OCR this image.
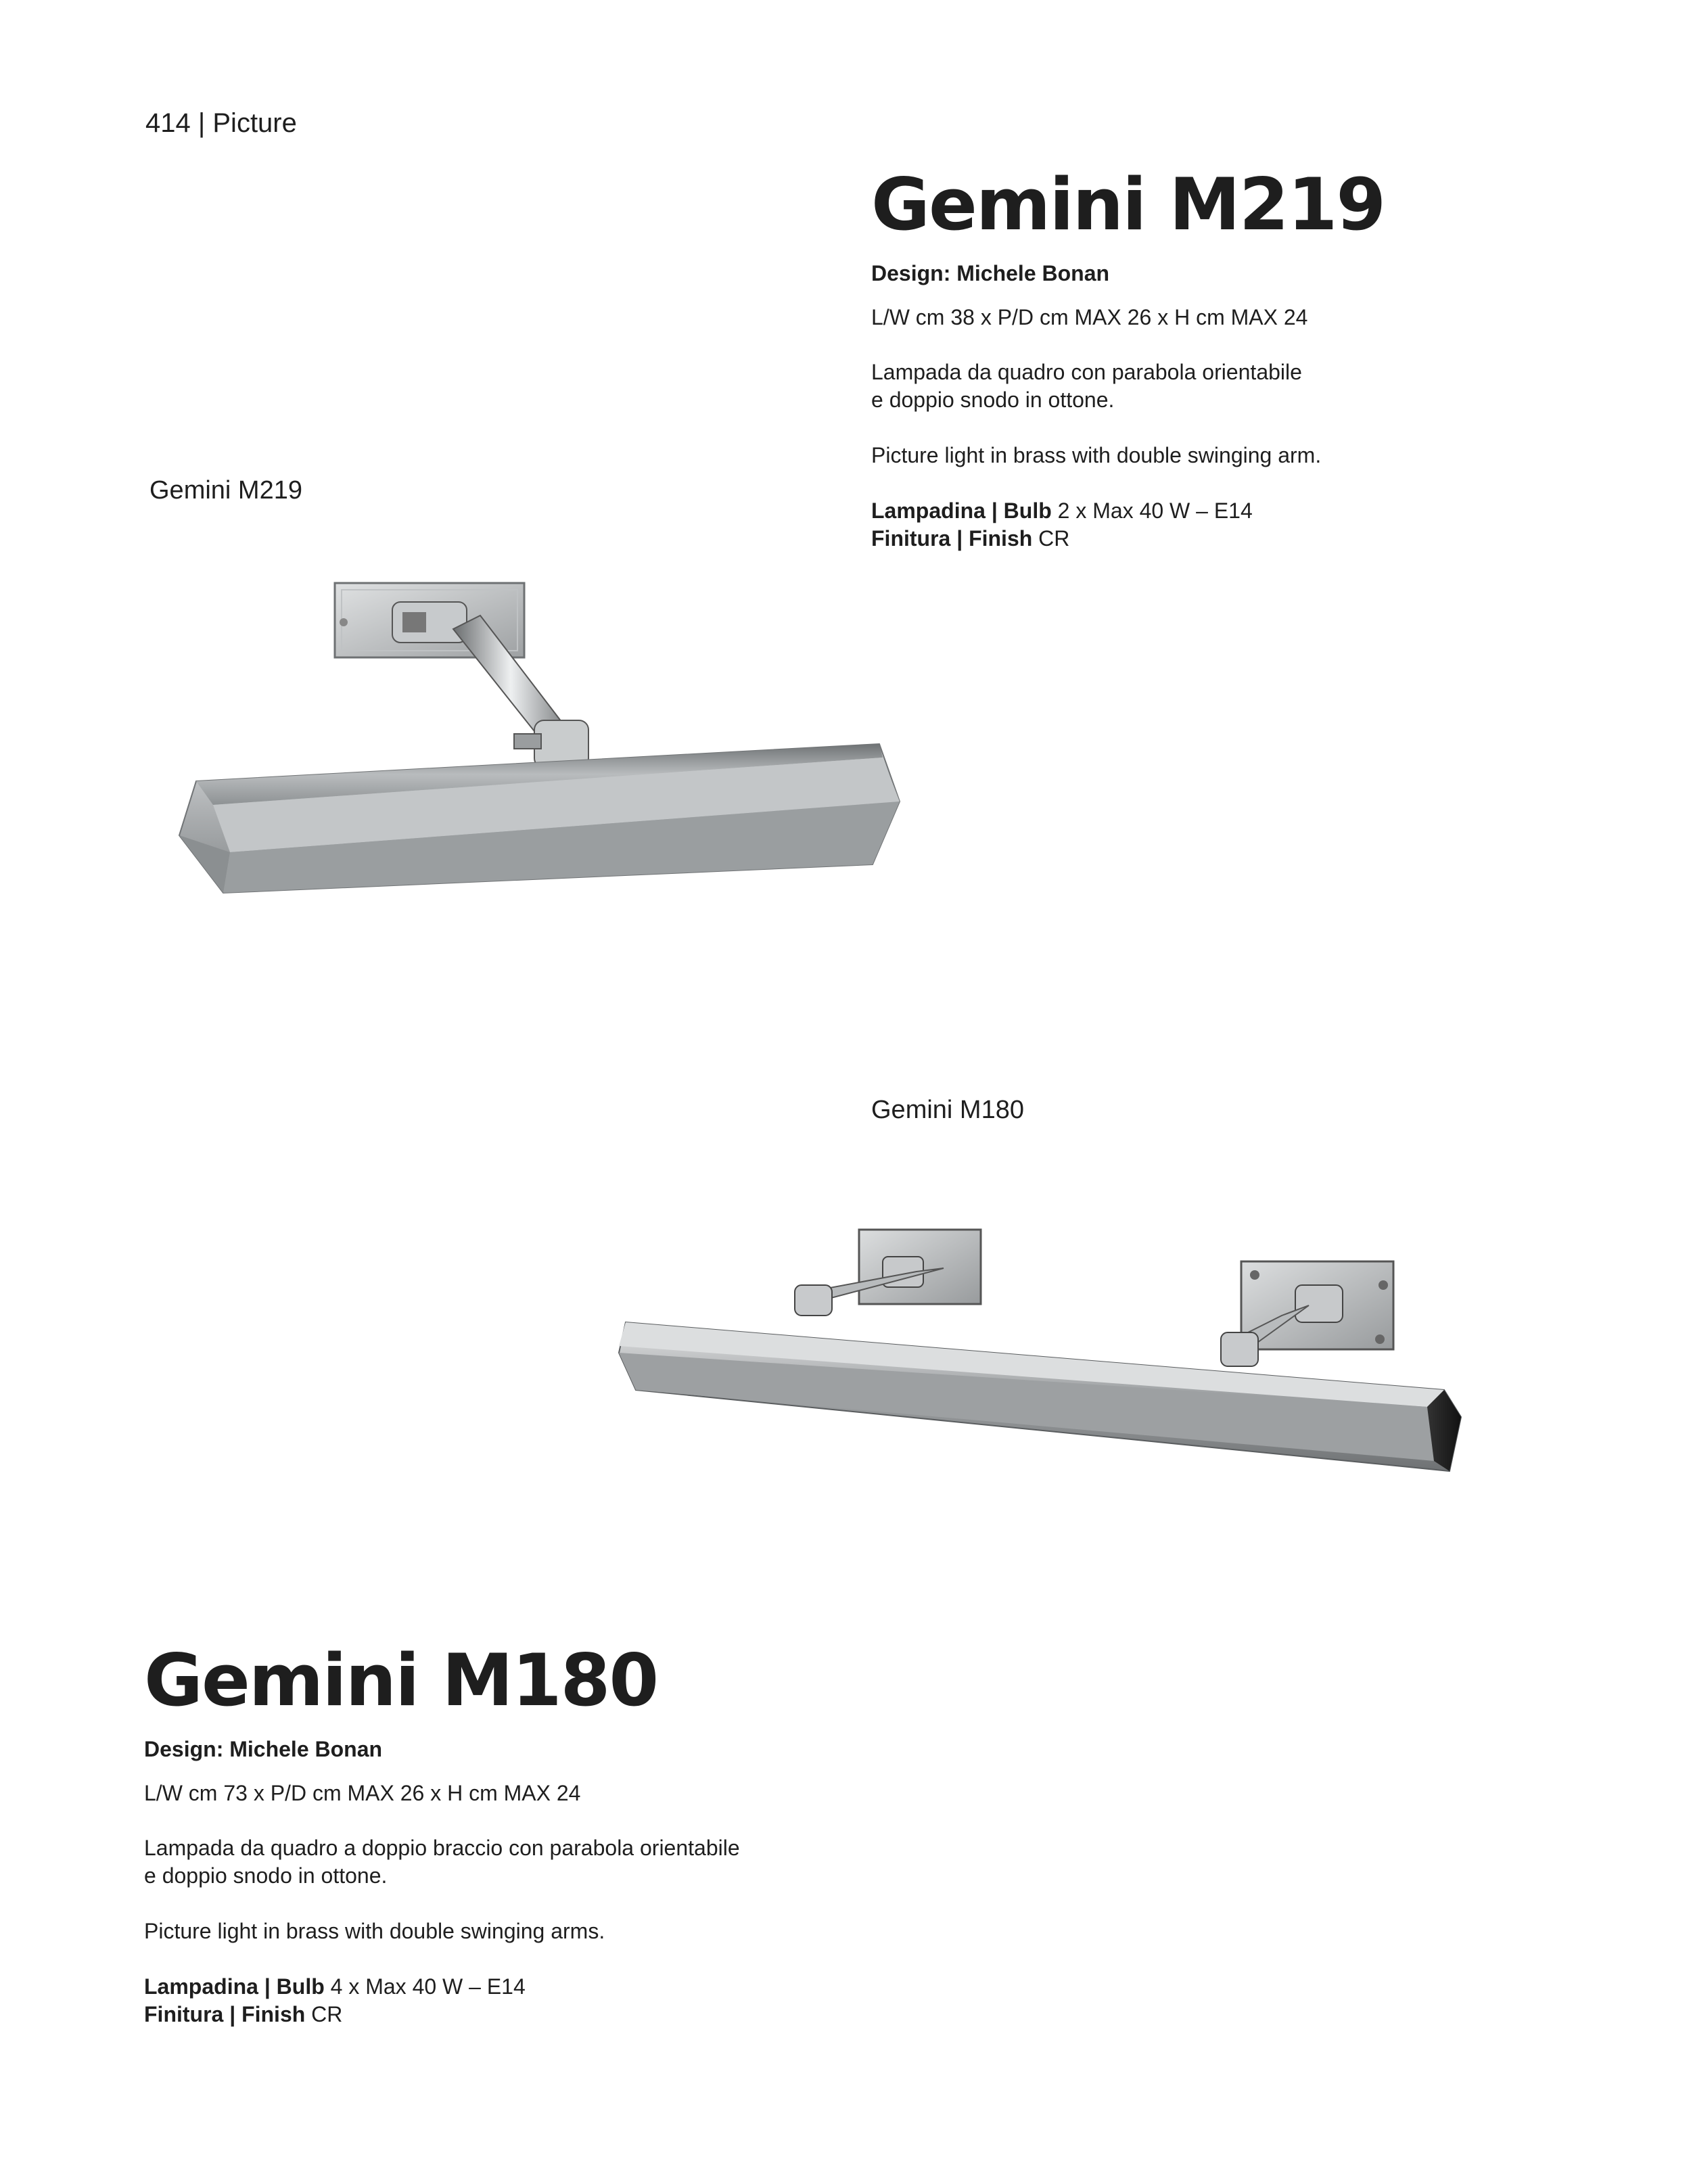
414 | Picture
Gemini M219
Design: Michele Bonan
L/W cm 38 x P/D cm MAX 26 x H cm MAX 24
Lampada da quadro con parabola orientabile
e doppio snodo in ottone.
Picture light in brass with double swinging arm.
Lampadina | Bulb 2 x Max 40 W – E14
Finitura | Finish CR
Gemini M219
Gemini M180
Gemini M180
Design: Michele Bonan
L/W cm 73 x P/D cm MAX 26 x H cm MAX 24
Lampada da quadro a doppio braccio con parabola orientabile
e doppio snodo in ottone.
Picture light in brass with double swinging arms.
Lampadina | Bulb 4 x Max 40 W – E14
Finitura | Finish CR
